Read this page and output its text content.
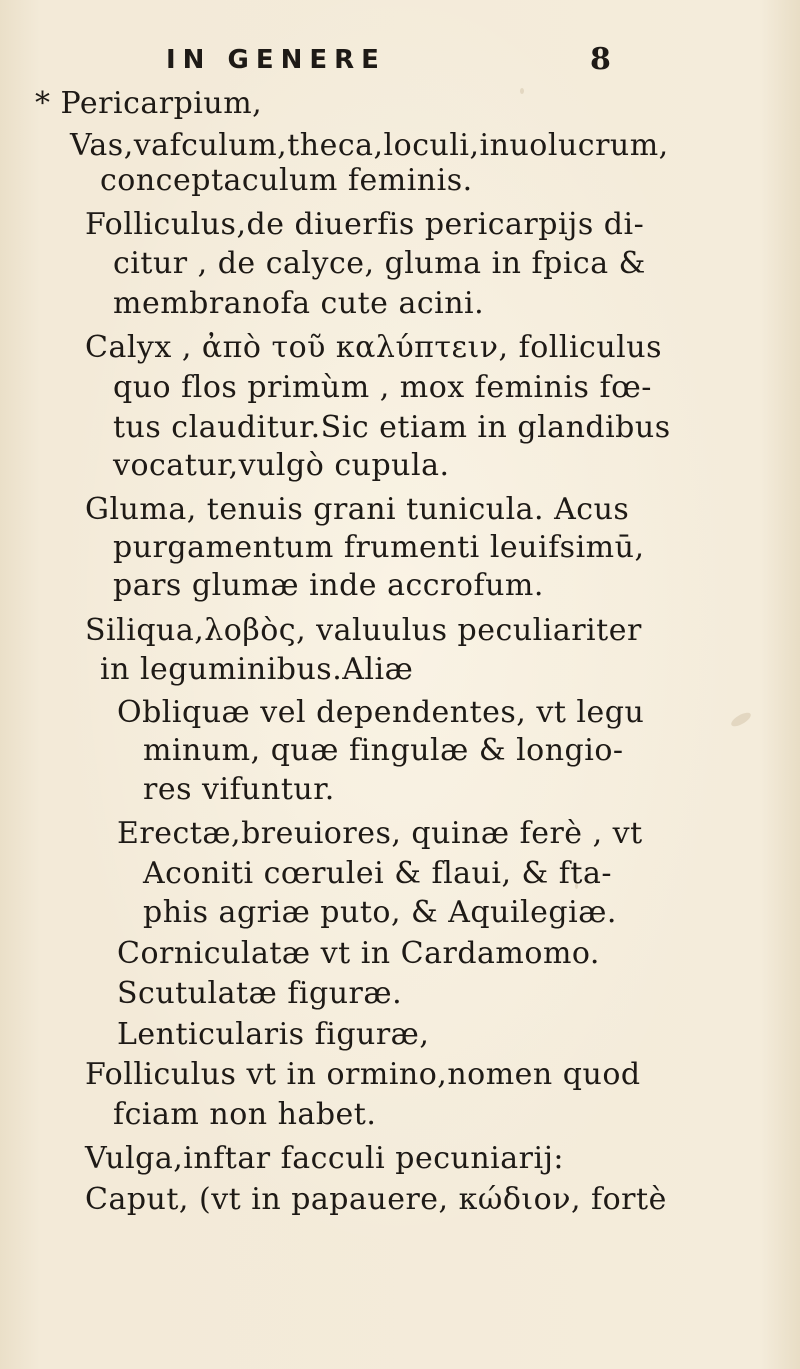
IN GENERE	8
* Pericarpium,
Vas,vafculum,theca,loculi,inuolucrum,
conceptaculum feminis.
Folliculus,de diuerfis pericarpijs di-
citur , de calyce, gluma in fpica &
membranofa cute acini.
Calyx , ἀπὸ τοῦ καλύπτειν, folliculus
quo flos primùm , mox feminis fœ-
tus clauditur.Sic etiam in glandibus
vocatur,vulgò cupula.
Gluma, tenuis grani tunicula. Acus
purgamentum frumenti leuifsimū,
pars glumæ inde accrofum.
Siliqua,λοβὸς, valuulus peculiariter
in leguminibus.Aliæ
Obliquæ vel dependentes, vt legu
minum, quæ fingulæ & longio-
res vifuntur.
Erectæ,breuiores, quinæ ferè , vt
Aconiti cœrulei & flaui, & fta-
phis agriæ puto, & Aquilegiæ.
Corniculatæ vt in Cardamomo.
Scutulatæ figuræ.
Lenticularis figuræ,
Folliculus vt in ormino,nomen quod
fciam non habet.
Vulga,inftar facculi pecuniarij:
Caput, (vt in papauere, κώδιον, fortè
